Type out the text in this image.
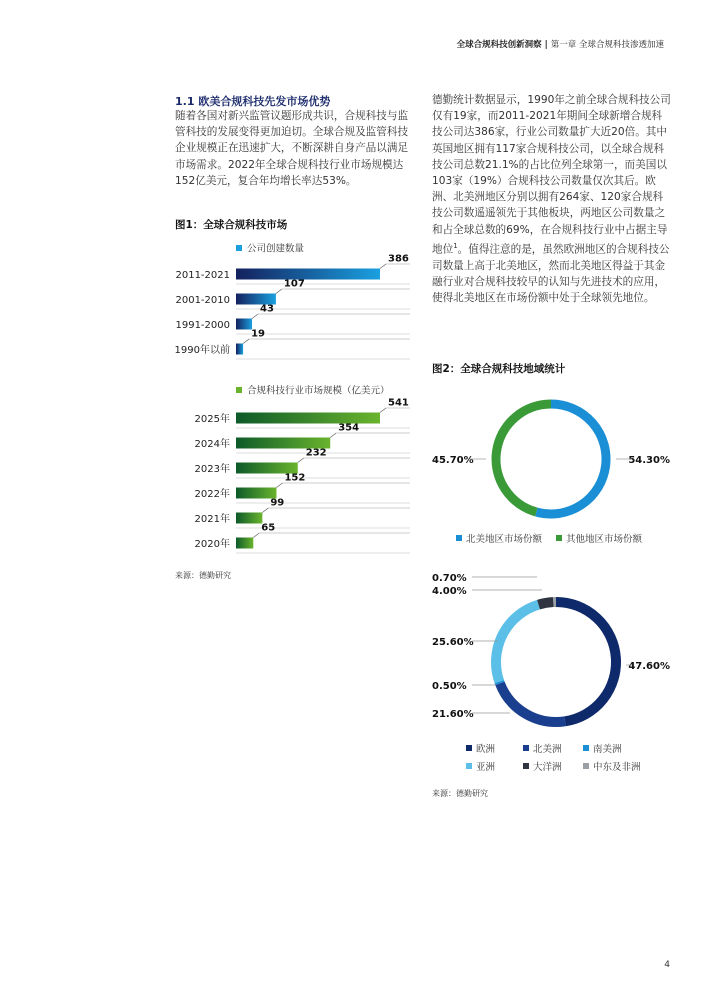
全球合规科技创新洞察 | 第一章 全球合规科技渗透加速
1.1 欧美合规科技先发市场优势

随着各国对新兴监管议题形成共识，合规科技与监管科技的发展变得更加迫切。全球合规及监管科技企业规模正在迅速扩大，不断深耕自身产品以满足市场需求。2022年全球合规科技行业市场规模达152亿美元，复合年均增长率达53%。

德勤统计数据显示，1990年之前全球合规科技公司仅有19家，而2011-2021年期间全球新增合规科技公司达386家，行业公司数量扩大近20倍。其中英国地区拥有117家合规科技公司，以全球合规科技公司总数21.1%的占比位列全球第一，而美国以103家（19%）合规科技公司数量仅次其后。欧洲、北美洲地区分别以拥有264家、120家合规科技公司数遥遥领先于其他板块，两地区公司数量之和占全球总数的69%，在合规科技行业中占据主导地位$^1$。值得注意的是，虽然欧洲地区的合规科技公司数量上高于北美地区，然而北美地区得益于其金融行业对合规科技较早的认知与先进技术的应用，使得北美地区在市场份额中处于全球领先地位。

图1：全球合规科技市场
公司创建数量
2011-2021
386
2001-2010
107
1991-2000
43
1990年以前
19
合规科技行业市场规模（亿美元）
2025年
541
2024年
354
2023年
232
2022年
152
2021年
99
2020年
65
来源：德勤研究
图2：全球合规科技地域统计
54.30%
45.70%
北美地区市场份额	其他地区市场份额
47.60%
0.70%
4.00%
25.60%
0.50%
21.60%
欧洲	北美洲	南美洲
亚洲	大洋洲	中东及非洲
来源：德勤研究
4
